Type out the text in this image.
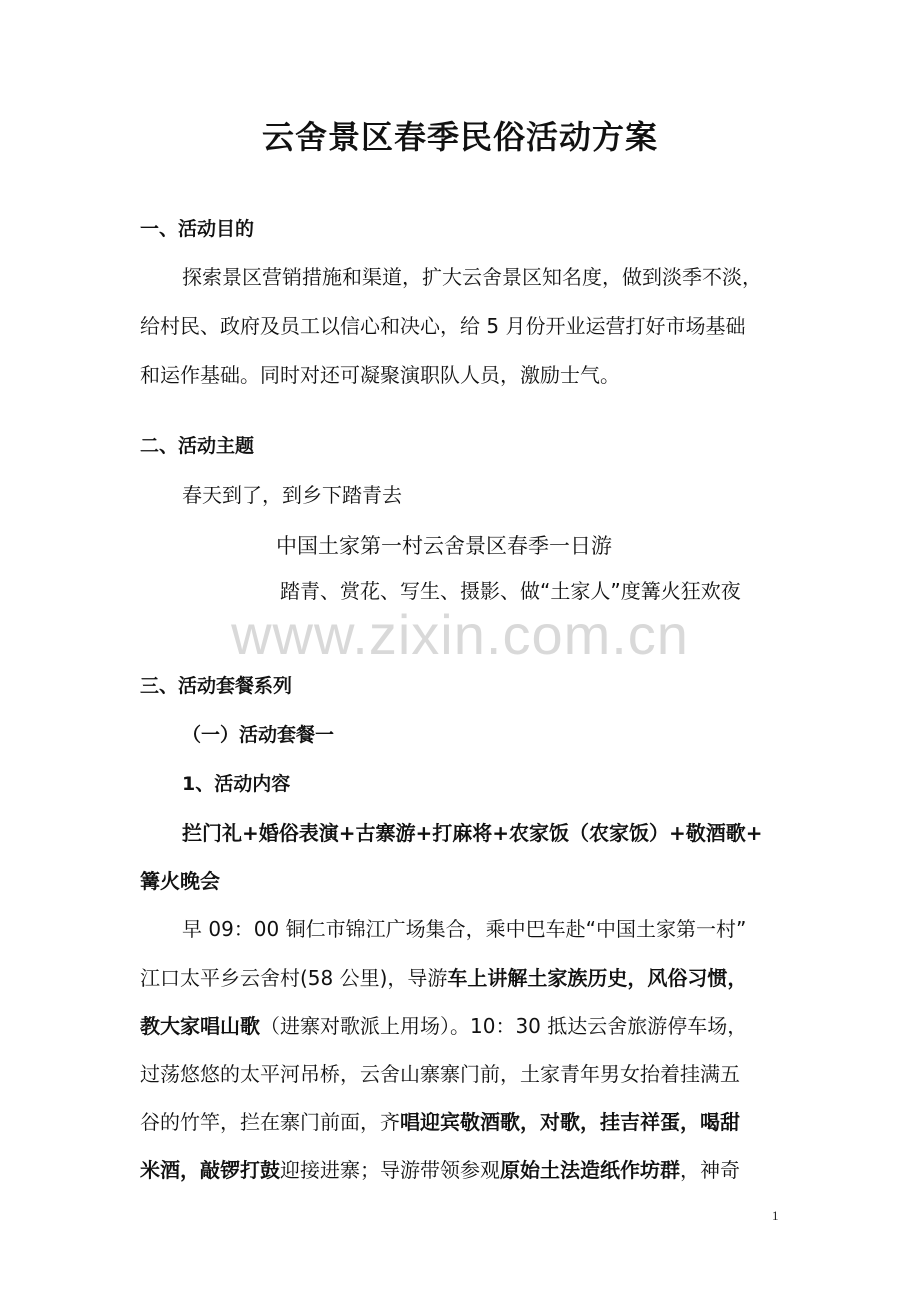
云舍景区春季民俗活动方案
一、活动目的
探索景区营销措施和渠道，扩大云舍景区知名度，做到淡季不淡，
给村民、政府及员工以信心和决心，给 5 月份开业运营打好市场基础
和运作基础。同时对还可凝聚演职队人员，激励士气。
二、活动主题
春天到了，到乡下踏青去
中国土家第一村云舍景区春季一日游
踏青、赏花、写生、摄影、做“土家人”度篝火狂欢夜
www.zixin.com.cn
三、活动套餐系列
（一）活动套餐一
1、活动内容
拦门礼+婚俗表演+古寨游+打麻将+农家饭（农家饭）+敬酒歌+
篝火晚会
早 09：00 铜仁市锦江广场集合，乘中巴车赴“中国土家第一村”
江口太平乡云舍村(58 公里)，导游车上讲解土家族历史，风俗习惯，
教大家唱山歌（进寨对歌派上用场）。10：30 抵达云舍旅游停车场，
过荡悠悠的太平河吊桥，云舍山寨寨门前，土家青年男女抬着挂满五
谷的竹竿，拦在寨门前面，齐唱迎宾敬酒歌，对歌，挂吉祥蛋，喝甜
米酒，敲锣打鼓迎接进寨；导游带领参观原始土法造纸作坊群，神奇
1
